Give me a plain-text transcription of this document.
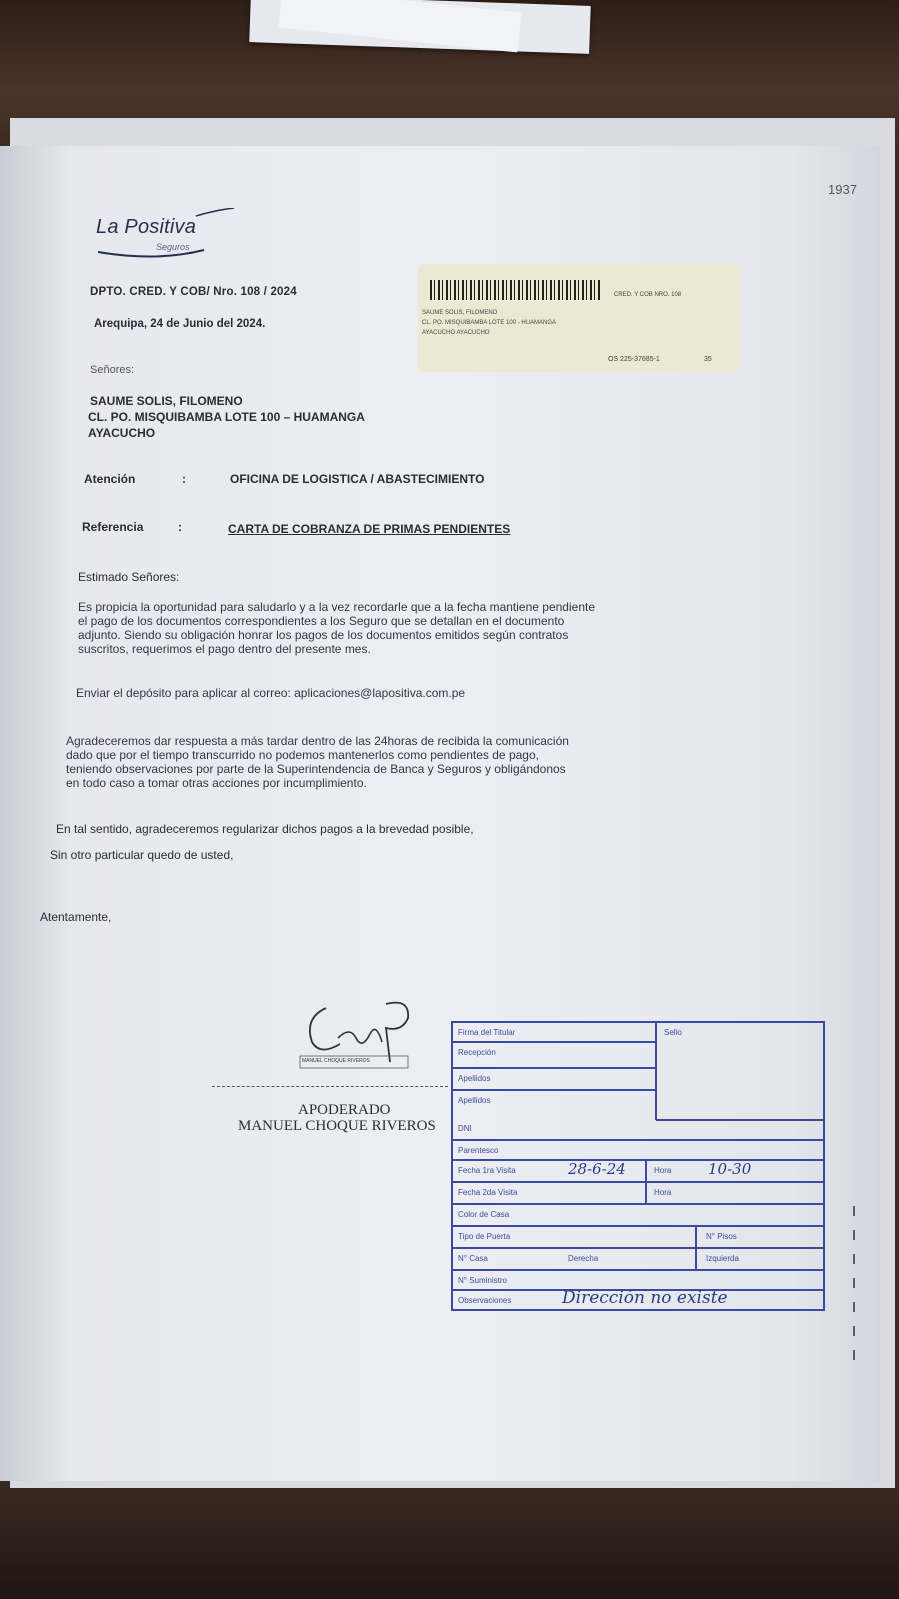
1937
La Positiva
Seguros
DPTO. CRED. Y COB/ Nro. 108 / 2024
Arequipa, 24 de Junio del 2024.
CRED. Y COB NRO. 108
SAUME SOLIS, FILOMENO
CL. PO. MISQUIBAMBA LOTE 100 - HUAMANGA
AYACUCHO AYACUCHO
OS 225-37685-1	35
Señores:
SAUME SOLIS, FILOMENO
CL. PO. MISQUIBAMBA LOTE 100 – HUAMANGA
AYACUCHO
Atención	:	OFICINA DE LOGISTICA / ABASTECIMIENTO
Referencia	:	CARTA DE COBRANZA DE PRIMAS PENDIENTES
Estimado Señores:
Es propicia la oportunidad para saludarlo y a la vez recordarle que a la fecha mantiene pendiente
el pago de los documentos correspondientes a los Seguro que se detallan en el documento
adjunto. Siendo su obligación honrar los pagos de los documentos emitidos según contratos
suscritos, requerimos el pago dentro del presente mes.
Enviar el depósito para aplicar al correo: aplicaciones@lapositiva.com.pe
Agradeceremos dar respuesta a más tardar dentro de las 24horas de recibida la comunicación
dado que por el tiempo transcurrido no podemos mantenerlos como pendientes de pago,
teniendo observaciones por parte de la Superintendencia de Banca y Seguros y obligándonos
en todo caso a tomar otras acciones por incumplimiento.
En tal sentido, agradeceremos regularizar dichos pagos a la brevedad posible,
Sin otro particular quedo de usted,
Atentamente,
MANUEL CHOQUE RIVEROS
APODERADO
MANUEL CHOQUE RIVEROS
Firma del Titular
Recepción
Sello
Apellidos
Apellidos
DNI
Parentesco
Fecha 1ra Visita	28-6-24	Hora 10-30
Fecha 2da Visita	Hora
Color de Casa
Tipo de Puerta	N° Pisos
N° Casa	Derecha	Izquierda
N° Suministro
Observaciones	Dirección no existe
